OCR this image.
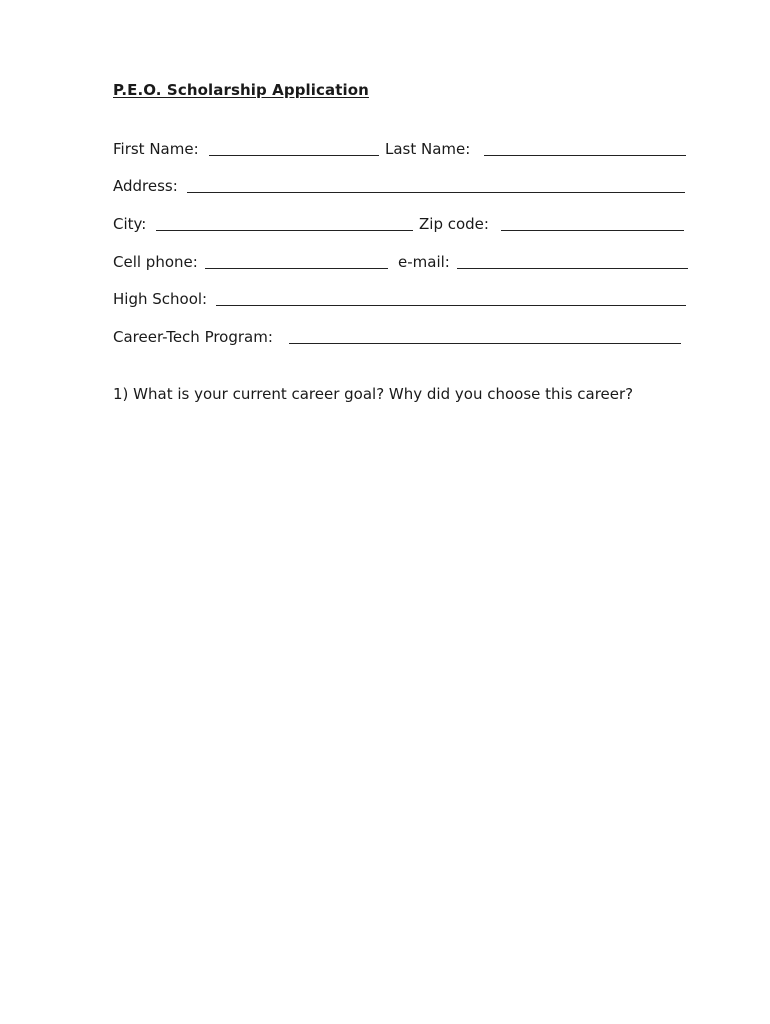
P.E.O. Scholarship Application
First Name:	Last Name:
Address:
City:	Zip code:
Cell phone:	e-mail:
High School:
Career-Tech Program:
1) What is your current career goal? Why did you choose this career?
